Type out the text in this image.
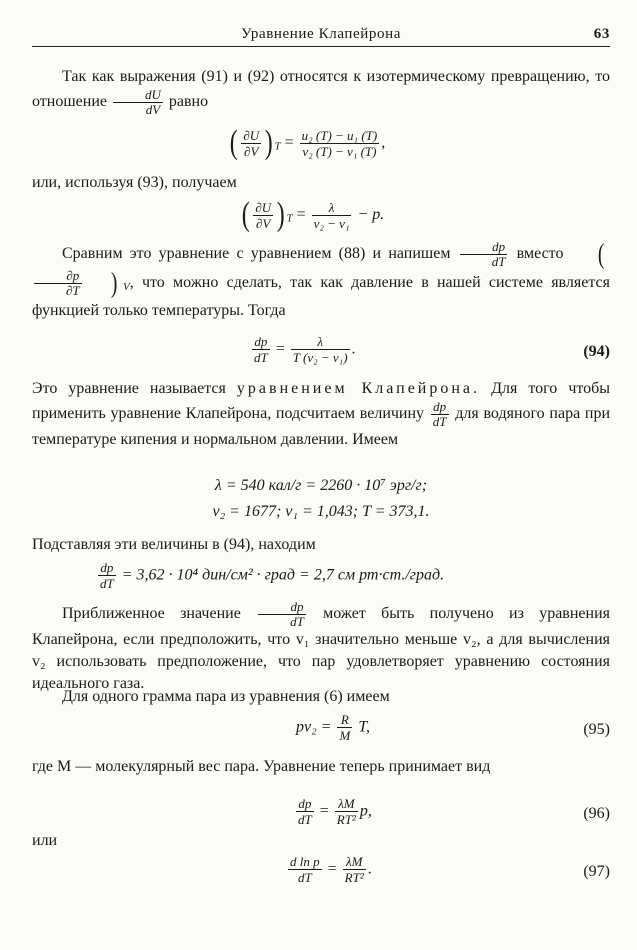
Уравнение Клапейрона	63
Так как выражения (91) и (92) относятся к изотермическому превращению, то отношение $\frac{dU}{dV}$ равно
( $\frac{\partial U}{\partial V}$ ) $_T = \frac{\text{u₂ (T) − u₁ (T)}}{\text{v₂ (T) − v₁ (T)}}$ ,
или, используя (93), получаем
( $\frac{\partial U}{\partial V}$ ) $_T = \frac{\lambda}{\text{v₂ − v₁}} - p$.
Сравним это уравнение с уравнением (88) и напишем $\frac{dp}{dT}$ вместо (
$\frac{\partial p}{\partial T}$ ) $_V$, что можно сделать, так как давление в нашей системе является функцией только температуры. Тогда
$\frac{dp}{dT} = \frac{\lambda}{\text{T (v₂ − v₁)}}$ .	(94)
Это уравнение называется уравнением Клапейрона. Для того чтобы применить уравнение Клапейрона, подсчитаем величину $\frac{dp}{dT}$ для водяного пара при температуре кипения и нормальном давлении. Имеем
λ = 540 кал/г = 2260 · 10⁷ эрг/г;
v₂ = 1677; v₁ = 1,043; T = 373,1.
Подставляя эти величины в (94), находим
$\frac{dp}{dT} = 3,62 \cdot 10^4$ дин/см² · град = 2,7 см рт·ст./град.
Приближенное значение $\frac{dp}{dT}$ может быть получено из уравнения Клапейрона, если предположить, что v₁ значительно меньше v₂, а для вычисления v₂ использовать предположение, что пар удовлетворяет уравнению состояния идеального газа.
Для одного грамма пара из уравнения (6) имеем
$pv_2 = \frac{R}{M} T$,	(95)
где M — молекулярный вес пара. Уравнение теперь принимает вид
$\frac{dp}{dT} = \frac{\lambda M}{\text{RT²}} p$,	(96)
или
$\frac{\text{d ln p}}{dT} = \frac{\lambda M}{\text{RT²}}$ .	(97)
